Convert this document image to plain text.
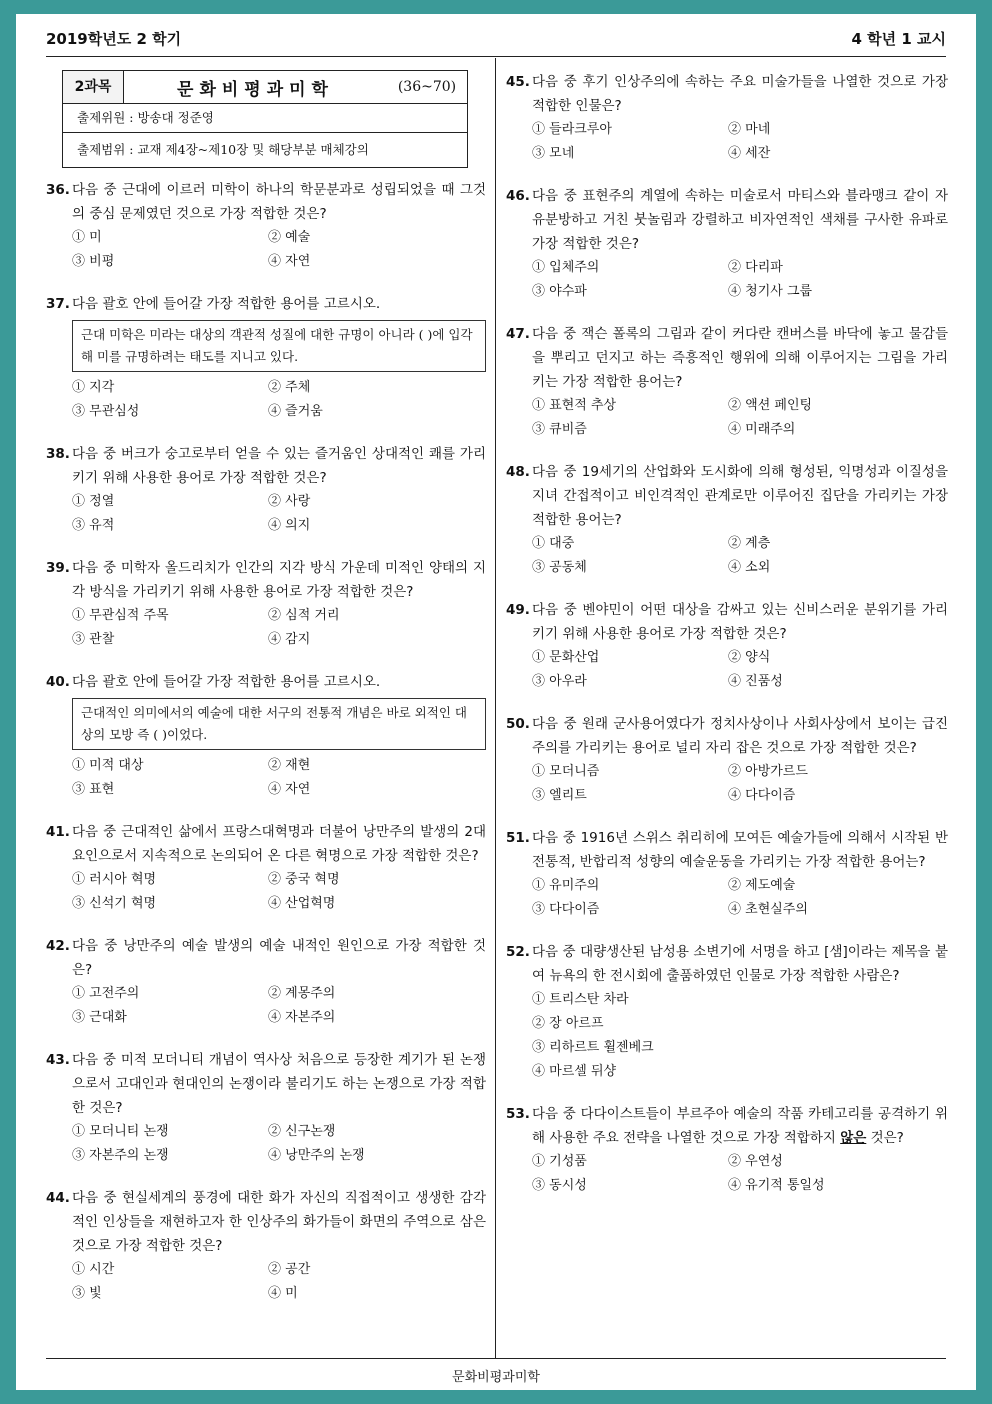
2019학년도 2 학기	4 학년 1 교시
2과목	문화비평과미학	(36~70)
출제위원 : 방송대 정준영
출제범위 : 교재 제4장~제10장 및 해당부분 매체강의
36. 다음 중 근대에 이르러 미학이 하나의 학문분과로 성립되었을 때 그것의 중심 문제였던 것으로 가장 적합한 것은?
① 미	② 예술
③ 비평	④ 자연
37. 다음 괄호 안에 들어갈 가장 적합한 용어를 고르시오.
근대 미학은 미라는 대상의 객관적 성질에 대한 규명이 아니라 ( )에 입각해 미를 규명하려는 태도를 지니고 있다.
① 지각	② 주체
③ 무관심성	④ 즐거움
38. 다음 중 버크가 숭고로부터 얻을 수 있는 즐거움인 상대적인 쾌를 가리키기 위해 사용한 용어로 가장 적합한 것은?
① 정열	② 사랑
③ 유적	④ 의지
39. 다음 중 미학자 올드리치가 인간의 지각 방식 가운데 미적인 양태의 지각 방식을 가리키기 위해 사용한 용어로 가장 적합한 것은?
① 무관심적 주목	② 심적 거리
③ 관찰	④ 감지
40. 다음 괄호 안에 들어갈 가장 적합한 용어를 고르시오.
근대적인 의미에서의 예술에 대한 서구의 전통적 개념은 바로 외적인 대상의 모방 즉 ( )이었다.
① 미적 대상	② 재현
③ 표현	④ 자연
41. 다음 중 근대적인 삶에서 프랑스대혁명과 더불어 낭만주의 발생의 2대 요인으로서 지속적으로 논의되어 온 다른 혁명으로 가장 적합한 것은?
① 러시아 혁명	② 중국 혁명
③ 신석기 혁명	④ 산업혁명
42. 다음 중 낭만주의 예술 발생의 예술 내적인 원인으로 가장 적합한 것은?
① 고전주의	② 계몽주의
③ 근대화	④ 자본주의
43. 다음 중 미적 모더니티 개념이 역사상 처음으로 등장한 계기가 된 논쟁으로서 고대인과 현대인의 논쟁이라 불리기도 하는 논쟁으로 가장 적합한 것은?
① 모더니티 논쟁	② 신구논쟁
③ 자본주의 논쟁	④ 낭만주의 논쟁
44. 다음 중 현실세계의 풍경에 대한 화가 자신의 직접적이고 생생한 감각적인 인상들을 재현하고자 한 인상주의 화가들이 화면의 주역으로 삼은 것으로 가장 적합한 것은?
① 시간	② 공간
③ 빛	④ 미
45. 다음 중 후기 인상주의에 속하는 주요 미술가들을 나열한 것으로 가장 적합한 인물은?
① 들라크루아	② 마네
③ 모네	④ 세잔
46. 다음 중 표현주의 계열에 속하는 미술로서 마티스와 블라맹크 같이 자유분방하고 거친 붓놀림과 강렬하고 비자연적인 색채를 구사한 유파로 가장 적합한 것은?
① 입체주의	② 다리파
③ 야수파	④ 청기사 그룹
47. 다음 중 잭슨 폴록의 그림과 같이 커다란 캔버스를 바닥에 놓고 물감들을 뿌리고 던지고 하는 즉흥적인 행위에 의해 이루어지는 그림을 가리키는 가장 적합한 용어는?
① 표현적 추상	② 액션 페인팅
③ 큐비즘	④ 미래주의
48. 다음 중 19세기의 산업화와 도시화에 의해 형성된, 익명성과 이질성을 지녀 간접적이고 비인격적인 관계로만 이루어진 집단을 가리키는 가장 적합한 용어는?
① 대중	② 계층
③ 공동체	④ 소외
49. 다음 중 벤야민이 어떤 대상을 감싸고 있는 신비스러운 분위기를 가리키기 위해 사용한 용어로 가장 적합한 것은?
① 문화산업	② 양식
③ 아우라	④ 진품성
50. 다음 중 원래 군사용어였다가 정치사상이나 사회사상에서 보이는 급진주의를 가리키는 용어로 널리 자리 잡은 것으로 가장 적합한 것은?
① 모더니즘	② 아방가르드
③ 엘리트	④ 다다이즘
51. 다음 중 1916년 스위스 취리히에 모여든 예술가들에 의해서 시작된 반전통적, 반합리적 성향의 예술운동을 가리키는 가장 적합한 용어는?
① 유미주의	② 제도예술
③ 다다이즘	④ 초현실주의
52. 다음 중 대량생산된 남성용 소변기에 서명을 하고 [샘]이라는 제목을 붙여 뉴욕의 한 전시회에 출품하였던 인물로 가장 적합한 사람은?
① 트리스탄 차라
② 장 아르프
③ 리하르트 휠젠베크
④ 마르셀 뒤샹
53. 다음 중 다다이스트들이 부르주아 예술의 작품 카테고리를 공격하기 위해 사용한 주요 전략을 나열한 것으로 가장 적합하지 않은 것은?
① 기성품	② 우연성
③ 동시성	④ 유기적 통일성
문화비평과미학
